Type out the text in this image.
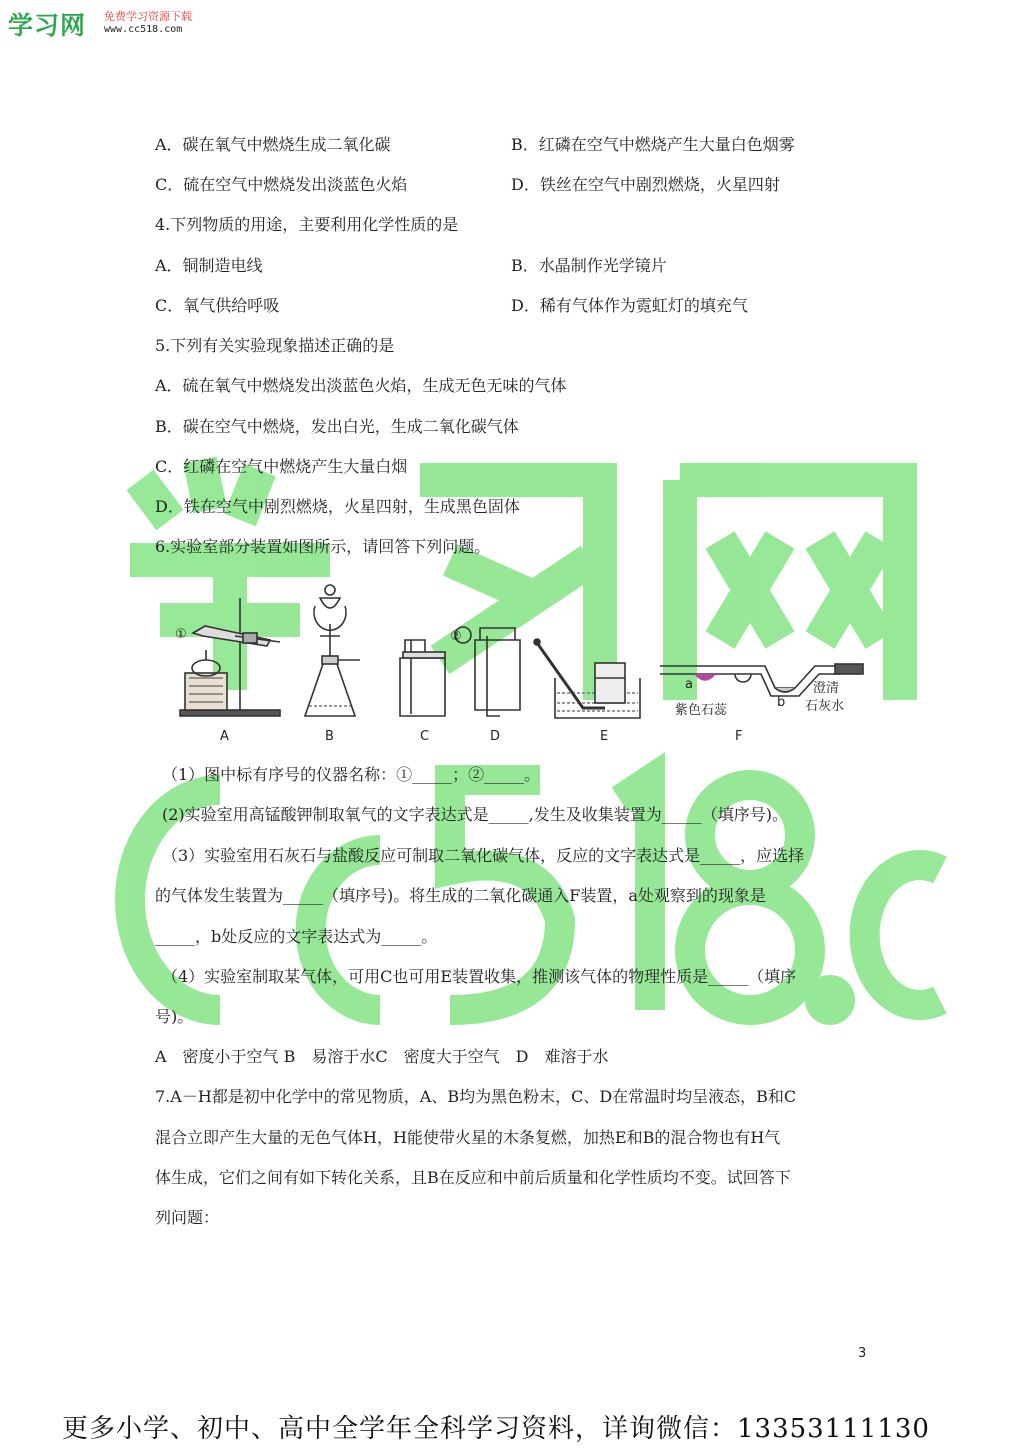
学习网 免费学习资源下载
www.cc518.com
A．碳在氧气中燃烧生成二氧化碳	B．红磷在空气中燃烧产生大量白色烟雾
C．硫在空气中燃烧发出淡蓝色火焰	D．铁丝在空气中剧烈燃烧，火星四射
4.下列物质的用途，主要利用化学性质的是
A．铜制造电线	B．水晶制作光学镜片
C．氧气供给呼吸	D．稀有气体作为霓虹灯的填充气
5.下列有关实验现象描述正确的是
A．硫在氧气中燃烧发出淡蓝色火焰，生成无色无味的气体
B．碳在空气中燃烧，发出白光，生成二氧化碳气体
C．红磷在空气中燃烧产生大量白烟
D．铁在空气中剧烈燃烧，火星四射，生成黑色固体
6.实验室部分装置如图所示，请回答下列问题。
①	②
a
b
紫色石蕊
澄清
石灰水
A	B	C	D	E	F
（1）图中标有序号的仪器名称：①_____；②_____。
(2)实验室用高锰酸钾制取氧气的文字表达式是_____,发生及收集装置为_____（填序号)。
（3）实验室用石灰石与盐酸反应可制取二氧化碳气体，反应的文字表达式是_____，应选择
的气体发生装置为_____（填序号)。将生成的二氧化碳通入F装置，a处观察到的现象是
_____，b处反应的文字表达式为_____。
（4）实验室制取某气体，可用C也可用E装置收集，推测该气体的物理性质是_____（填序
号)。
A　密度小于空气 B　易溶于水C　密度大于空气　D　难溶于水
7.A－H都是初中化学中的常见物质，A、B均为黑色粉末，C、D在常温时均呈液态，B和C
混合立即产生大量的无色气体H，H能使带火星的木条复燃，加热E和B的混合物也有H气
体生成，它们之间有如下转化关系，且B在反应和中前后质量和化学性质均不变。试回答下
列问题：
3
更多小学、初中、高中全学年全科学习资料，详询微信：13353111130
